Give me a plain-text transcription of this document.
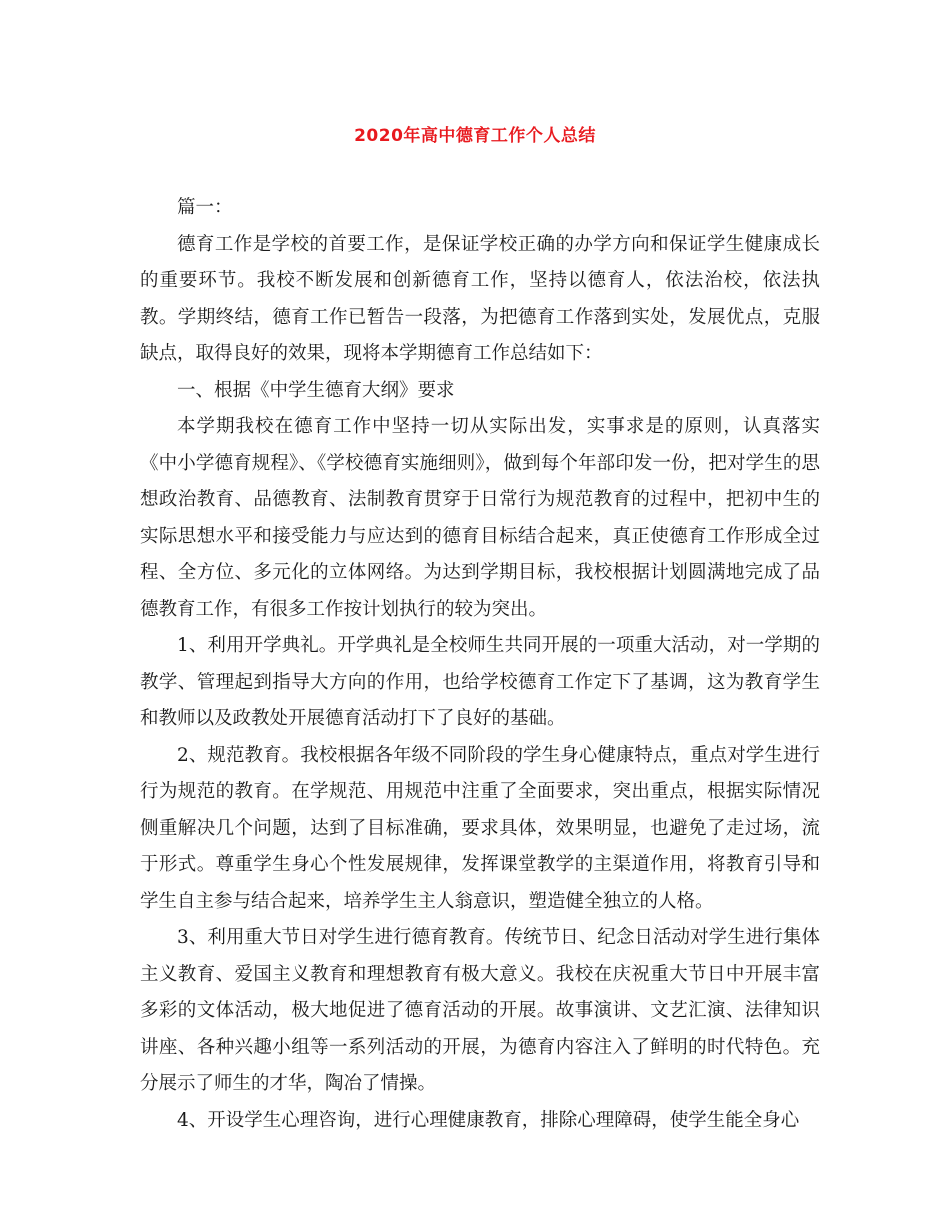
2020年高中德育工作个人总结

篇一：

德育工作是学校的首要工作，是保证学校正确的办学方向和保证学生健康成长的重要环节。我校不断发展和创新德育工作，坚持以德育人，依法治校，依法执教。学期终结，德育工作已暂告一段落，为把德育工作落到实处，发展优点，克服缺点，取得良好的效果，现将本学期德育工作总结如下：

一、根据《中学生德育大纲》要求

本学期我校在德育工作中坚持一切从实际出发，实事求是的原则，认真落实《中小学德育规程》、《学校德育实施细则》，做到每个年部印发一份，把对学生的思想政治教育、品德教育、法制教育贯穿于日常行为规范教育的过程中，把初中生的实际思想水平和接受能力与应达到的德育目标结合起来，真正使德育工作形成全过程、全方位、多元化的立体网络。为达到学期目标，我校根据计划圆满地完成了品德教育工作，有很多工作按计划执行的较为突出。

1、利用开学典礼。开学典礼是全校师生共同开展的一项重大活动，对一学期的教学、管理起到指导大方向的作用，也给学校德育工作定下了基调，这为教育学生和教师以及政教处开展德育活动打下了良好的基础。

2、规范教育。我校根据各年级不同阶段的学生身心健康特点，重点对学生进行行为规范的教育。在学规范、用规范中注重了全面要求，突出重点，根据实际情况侧重解决几个问题，达到了目标准确，要求具体，效果明显，也避免了走过场，流于形式。尊重学生身心个性发展规律，发挥课堂教学的主渠道作用，将教育引导和学生自主参与结合起来，培养学生主人翁意识，塑造健全独立的人格。

3、利用重大节日对学生进行德育教育。传统节日、纪念日活动对学生进行集体主义教育、爱国主义教育和理想教育有极大意义。我校在庆祝重大节日中开展丰富多彩的文体活动，极大地促进了德育活动的开展。故事演讲、文艺汇演、法律知识讲座、各种兴趣小组等一系列活动的开展，为德育内容注入了鲜明的时代特色。充分展示了师生的才华，陶冶了情操。

4、开设学生心理咨询，进行心理健康教育，排除心理障碍，使学生能全身心
